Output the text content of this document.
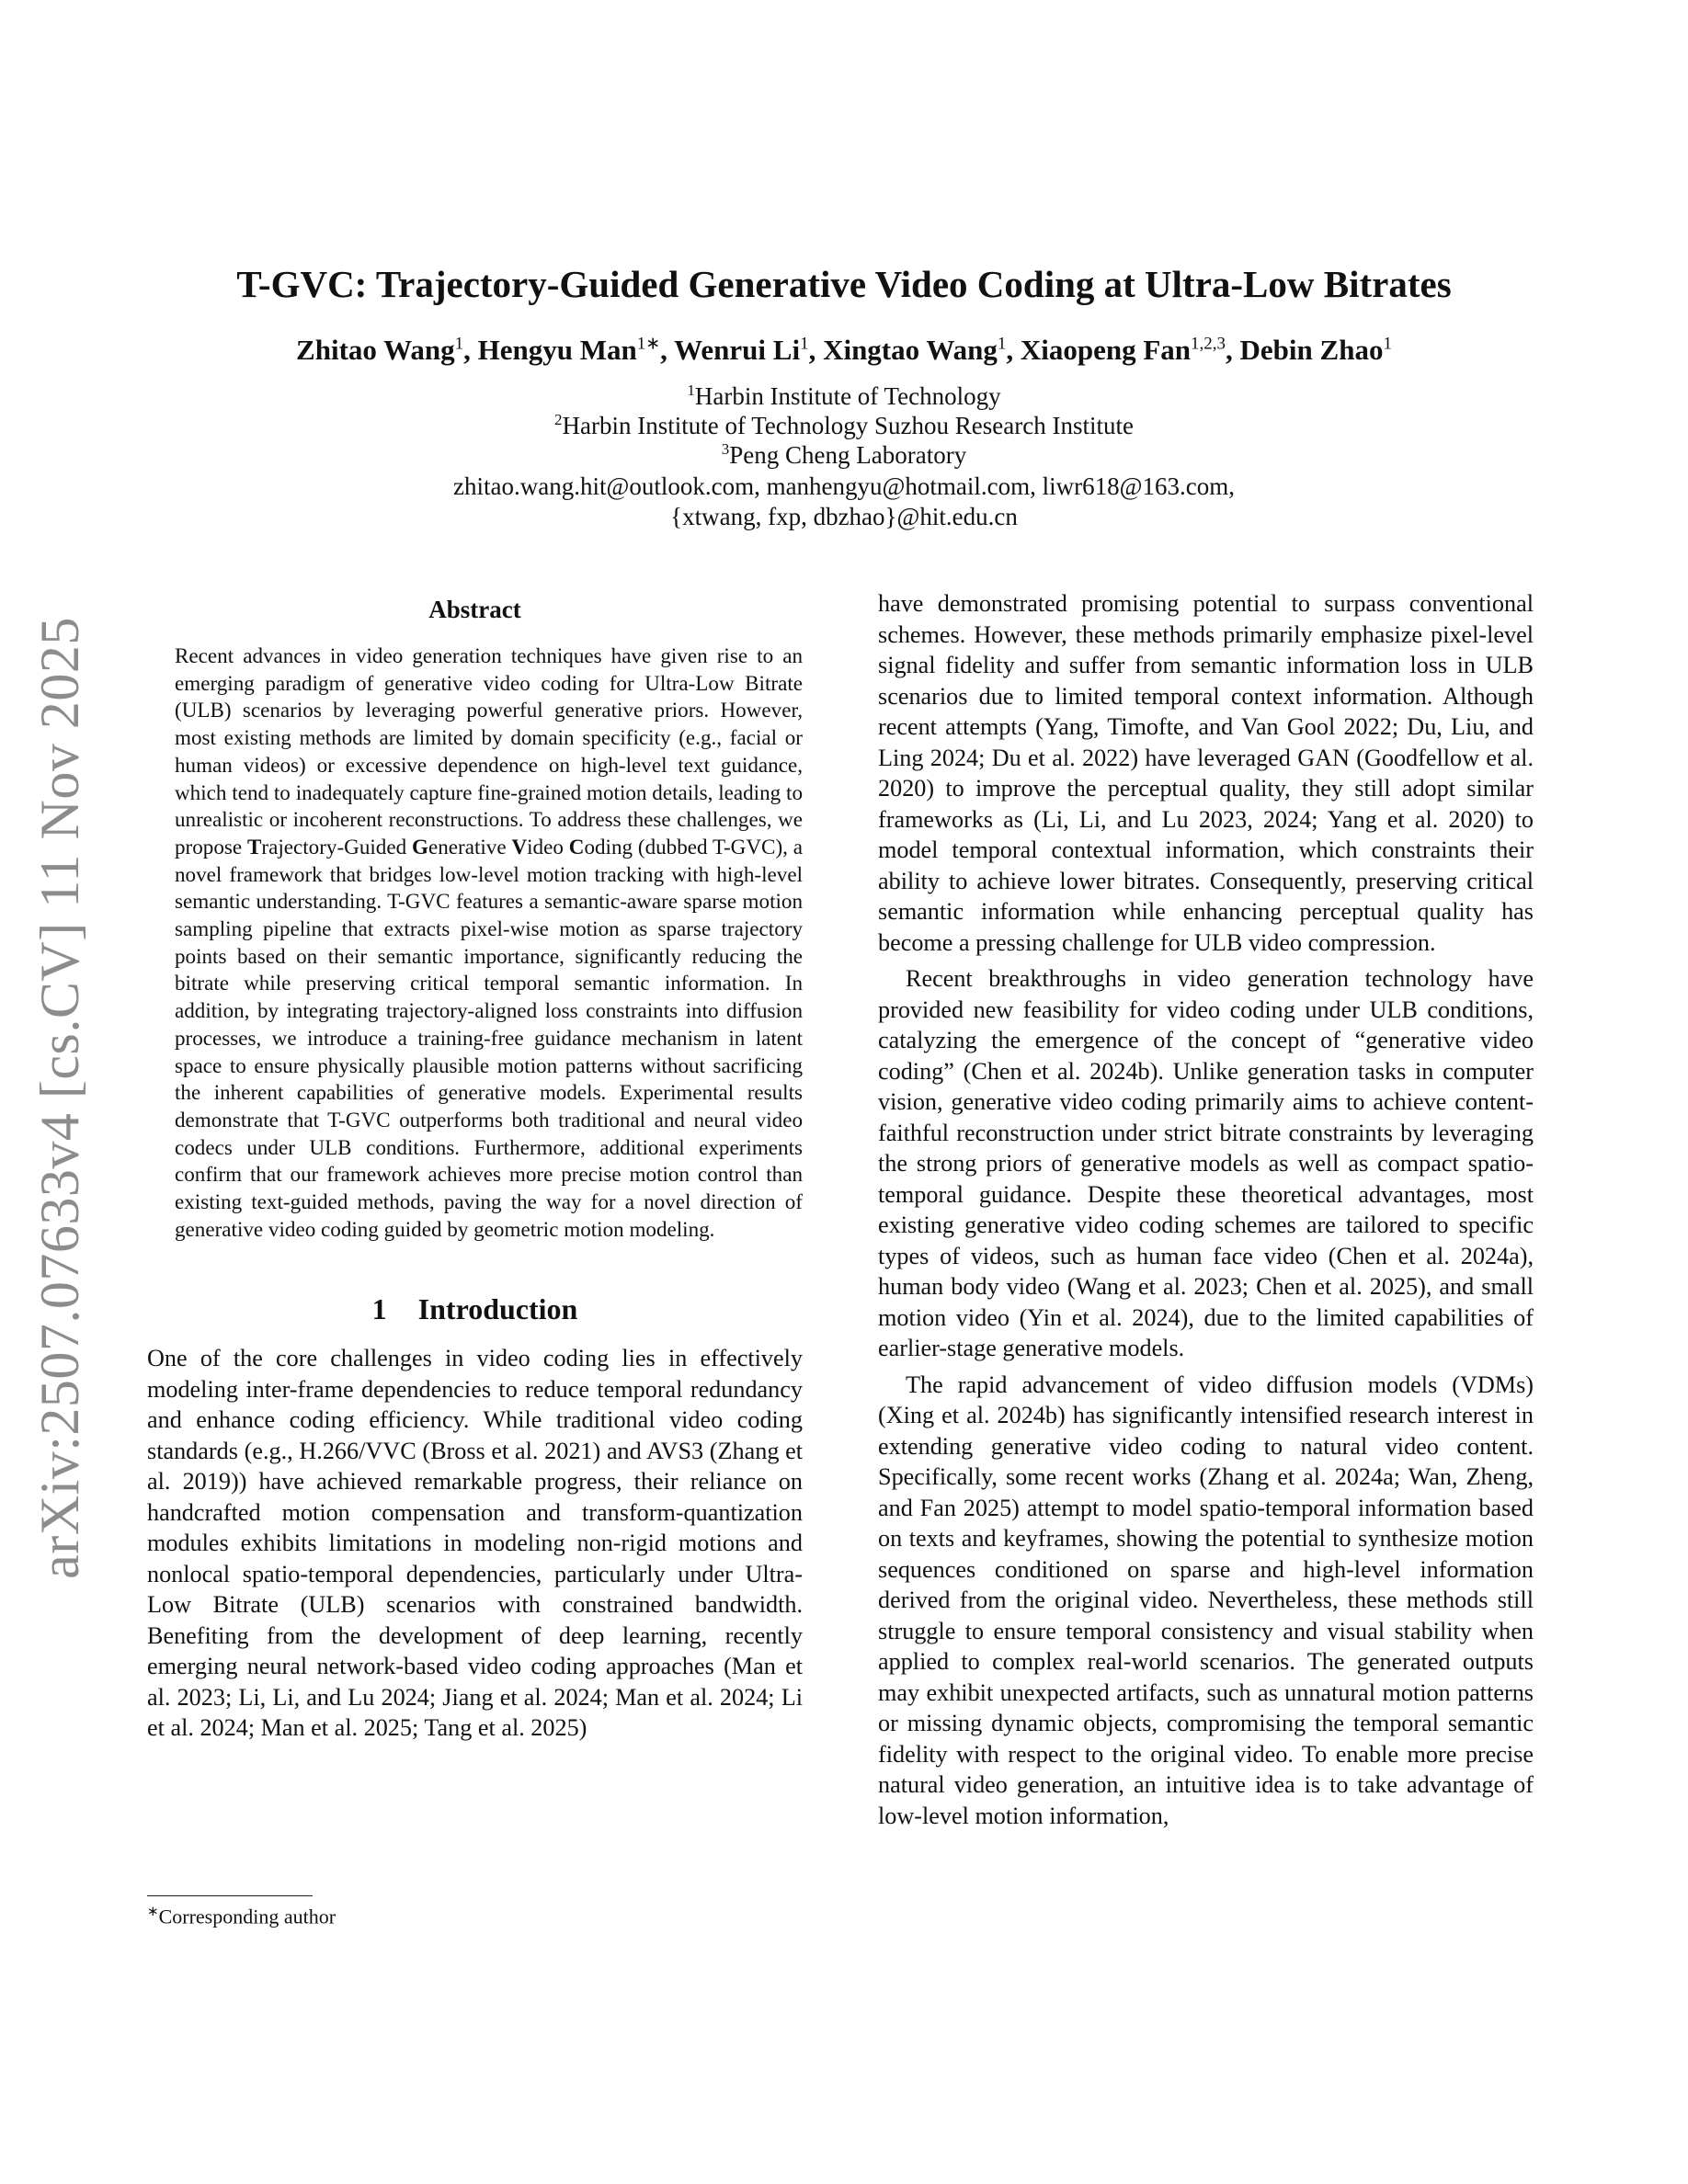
arXiv:2507.07633v4 [cs.CV] 11 Nov 2025
T-GVC: Trajectory-Guided Generative Video Coding at Ultra-Low Bitrates
Zhitao Wang$^1$, Hengyu Man$^{1∗}$, Wenrui Li$^1$, Xingtao Wang$^1$, Xiaopeng Fan$^{1,2,3}$, Debin Zhao$^1$
$^1$Harbin Institute of Technology
$^2$Harbin Institute of Technology Suzhou Research Institute
$^3$Peng Cheng Laboratory
zhitao.wang.hit@outlook.com, manhengyu@hotmail.com, liwr618@163.com,
{xtwang, fxp, dbzhao}@hit.edu.cn
Abstract
Recent advances in video generation techniques have given rise to an emerging paradigm of generative video coding for Ultra-Low Bitrate (ULB) scenarios by leveraging powerful generative priors. However, most existing methods are limited by domain specificity (e.g., facial or human videos) or excessive dependence on high-level text guidance, which tend to inadequately capture fine-grained motion details, leading to unrealistic or incoherent reconstructions. To address these challenges, we propose Trajectory-Guided Generative Video Coding (dubbed T-GVC), a novel framework that bridges low-level motion tracking with high-level semantic understanding. T-GVC features a semantic-aware sparse motion sampling pipeline that extracts pixel-wise motion as sparse trajectory points based on their semantic importance, significantly reducing the bitrate while preserving critical temporal semantic information. In addition, by integrating trajectory-aligned loss constraints into diffusion processes, we introduce a training-free guidance mechanism in latent space to ensure physically plausible motion patterns without sacrificing the inherent capabilities of generative models. Experimental results demonstrate that T-GVC outperforms both traditional and neural video codecs under ULB conditions. Furthermore, additional experiments confirm that our framework achieves more precise motion control than existing text-guided methods, paving the way for a novel direction of generative video coding guided by geometric motion modeling.
1 Introduction

One of the core challenges in video coding lies in effectively modeling inter-frame dependencies to reduce temporal redundancy and enhance coding efficiency. While traditional video coding standards (e.g., H.266/VVC (Bross et al. 2021) and AVS3 (Zhang et al. 2019)) have achieved remarkable progress, their reliance on handcrafted motion compensation and transform-quantization modules exhibits limitations in modeling non-rigid motions and nonlocal spatio-temporal dependencies, particularly under Ultra-Low Bitrate (ULB) scenarios with constrained bandwidth. Benefiting from the development of deep learning, recently emerging neural network-based video coding approaches (Man et al. 2023; Li, Li, and Lu 2024; Jiang et al. 2024; Man et al. 2024; Li et al. 2024; Man et al. 2025; Tang et al. 2025)

have demonstrated promising potential to surpass conventional schemes. However, these methods primarily emphasize pixel-level signal fidelity and suffer from semantic information loss in ULB scenarios due to limited temporal context information. Although recent attempts (Yang, Timofte, and Van Gool 2022; Du, Liu, and Ling 2024; Du et al. 2022) have leveraged GAN (Goodfellow et al. 2020) to improve the perceptual quality, they still adopt similar frameworks as (Li, Li, and Lu 2023, 2024; Yang et al. 2020) to model temporal contextual information, which constraints their ability to achieve lower bitrates. Consequently, preserving critical semantic information while enhancing perceptual quality has become a pressing challenge for ULB video compression.

Recent breakthroughs in video generation technology have provided new feasibility for video coding under ULB conditions, catalyzing the emergence of the concept of “generative video coding” (Chen et al. 2024b). Unlike generation tasks in computer vision, generative video coding primarily aims to achieve content-faithful reconstruction under strict bitrate constraints by leveraging the strong priors of generative models as well as compact spatio-temporal guidance. Despite these theoretical advantages, most existing generative video coding schemes are tailored to specific types of videos, such as human face video (Chen et al. 2024a), human body video (Wang et al. 2023; Chen et al. 2025), and small motion video (Yin et al. 2024), due to the limited capabilities of earlier-stage generative models.

The rapid advancement of video diffusion models (VDMs) (Xing et al. 2024b) has significantly intensified research interest in extending generative video coding to natural video content. Specifically, some recent works (Zhang et al. 2024a; Wan, Zheng, and Fan 2025) attempt to model spatio-temporal information based on texts and keyframes, showing the potential to synthesize motion sequences conditioned on sparse and high-level information derived from the original video. Nevertheless, these methods still struggle to ensure temporal consistency and visual stability when applied to complex real-world scenarios. The generated outputs may exhibit unexpected artifacts, such as unnatural motion patterns or missing dynamic objects, compromising the temporal semantic fidelity with respect to the original video. To enable more precise natural video generation, an intuitive idea is to take advantage of low-level motion information,

∗Corresponding author
